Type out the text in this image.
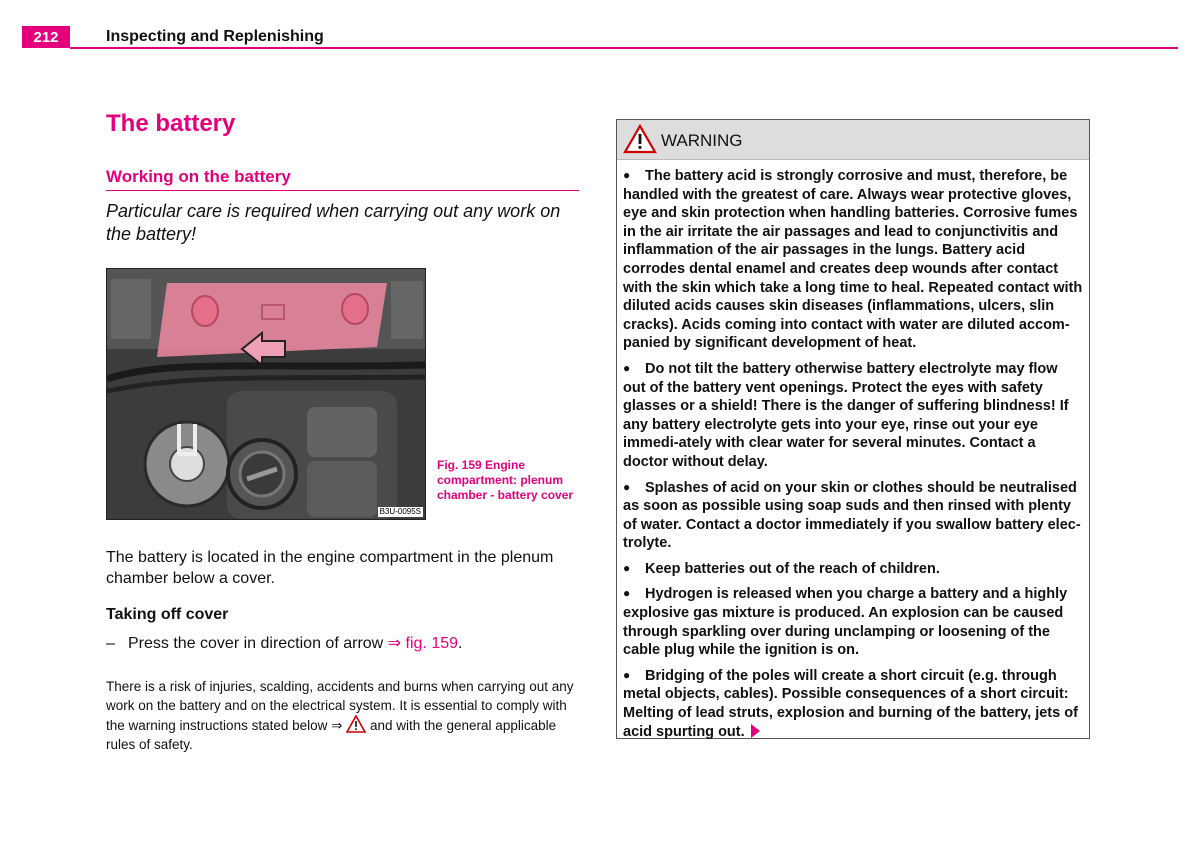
212	Inspecting and Replenishing
The battery
Working on the battery
Particular care is required when carrying out any work on the battery!
B3U-0095S
Fig. 159 Engine compartment: plenum chamber - battery cover
The battery is located in the engine compartment in the plenum chamber below a cover.
Taking off cover
– Press the cover in direction of arrow ⇒ fig. 159.
There is a risk of injuries, scalding, accidents and burns when carrying out any work on the battery and on the electrical system. It is essential to comply with the warning instructions stated below ⇒ and with the general applicable rules of safety.
WARNING
● The battery acid is strongly corrosive and must, therefore, be handled with the greatest of care. Always wear protective gloves, eye and skin protection when handling batteries. Corrosive fumes in the air irritate the air passages and lead to conjunctivitis and inflammation of the air passages in the lungs. Battery acid corrodes dental enamel and creates deep wounds after contact with the skin which take a long time to heal. Repeated contact with diluted acids causes skin diseases (inflammations, ulcers, slin cracks). Acids coming into contact with water are diluted accom-panied by significant development of heat.
● Do not tilt the battery otherwise battery electrolyte may flow out of the battery vent openings. Protect the eyes with safety glasses or a shield! There is the danger of suffering blindness! If any battery electrolyte gets into your eye, rinse out your eye immedi-ately with clear water for several minutes. Contact a doctor without delay.
● Splashes of acid on your skin or clothes should be neutralised as soon as possible using soap suds and then rinsed with plenty of water. Contact a doctor immediately if you swallow battery elec-trolyte.
● Keep batteries out of the reach of children.
● Hydrogen is released when you charge a battery and a highly explosive gas mixture is produced. An explosion can be caused through sparkling over during unclamping or loosening of the cable plug while the ignition is on.
● Bridging of the poles will create a short circuit (e.g. through metal objects, cables). Possible consequences of a short circuit: Melting of lead struts, explosion and burning of the battery, jets of acid spurting out.
